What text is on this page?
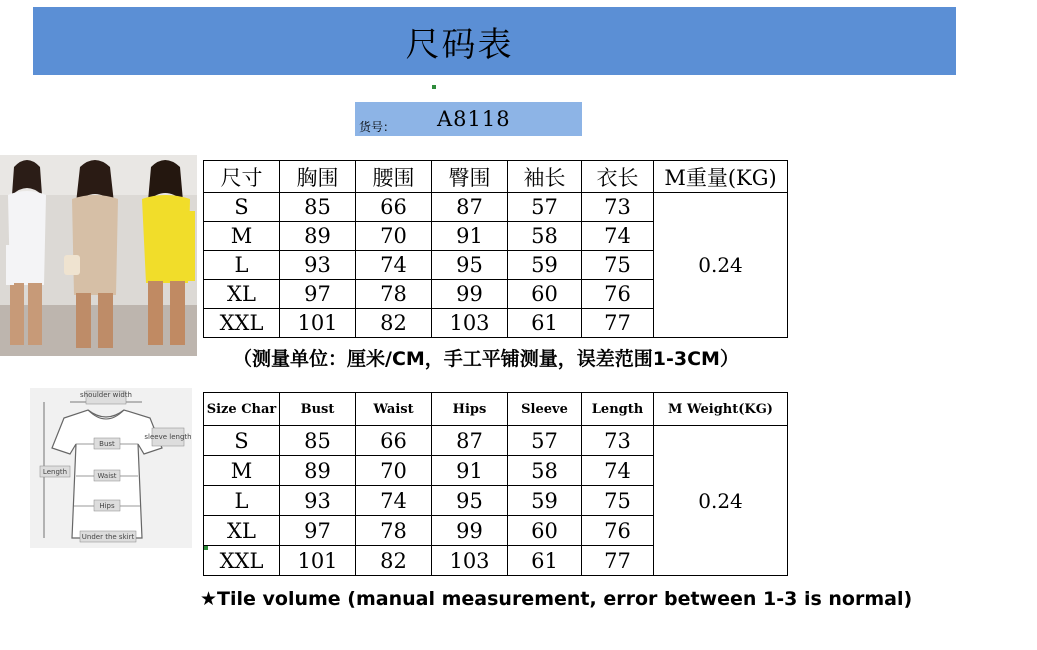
尺码表
货号： A8118
尺寸	胸围	腰围	臀围	袖长	衣长	M重量(KG)
S	85	66	87	57	73	0.24
M	89	70	91	58	74	
L	93	74	95	59	75	
XL	97	78	99	60	76	
XXL	101	82	103	61	77	
（测量单位：厘米/CM，手工平铺测量，误差范围1-3CM）
shoulder width
Length
Bust
Waist
Hips
sleeve length
Under the skirt
Size Char	Bust	Waist	Hips	Sleeve	Length	M Weight(KG)
S	85	66	87	57	73	0.24
M	89	70	91	58	74	
L	93	74	95	59	75	
XL	97	78	99	60	76	
XXL	101	82	103	61	77	
★Tile volume (manual measurement, error between 1-3 is normal)
